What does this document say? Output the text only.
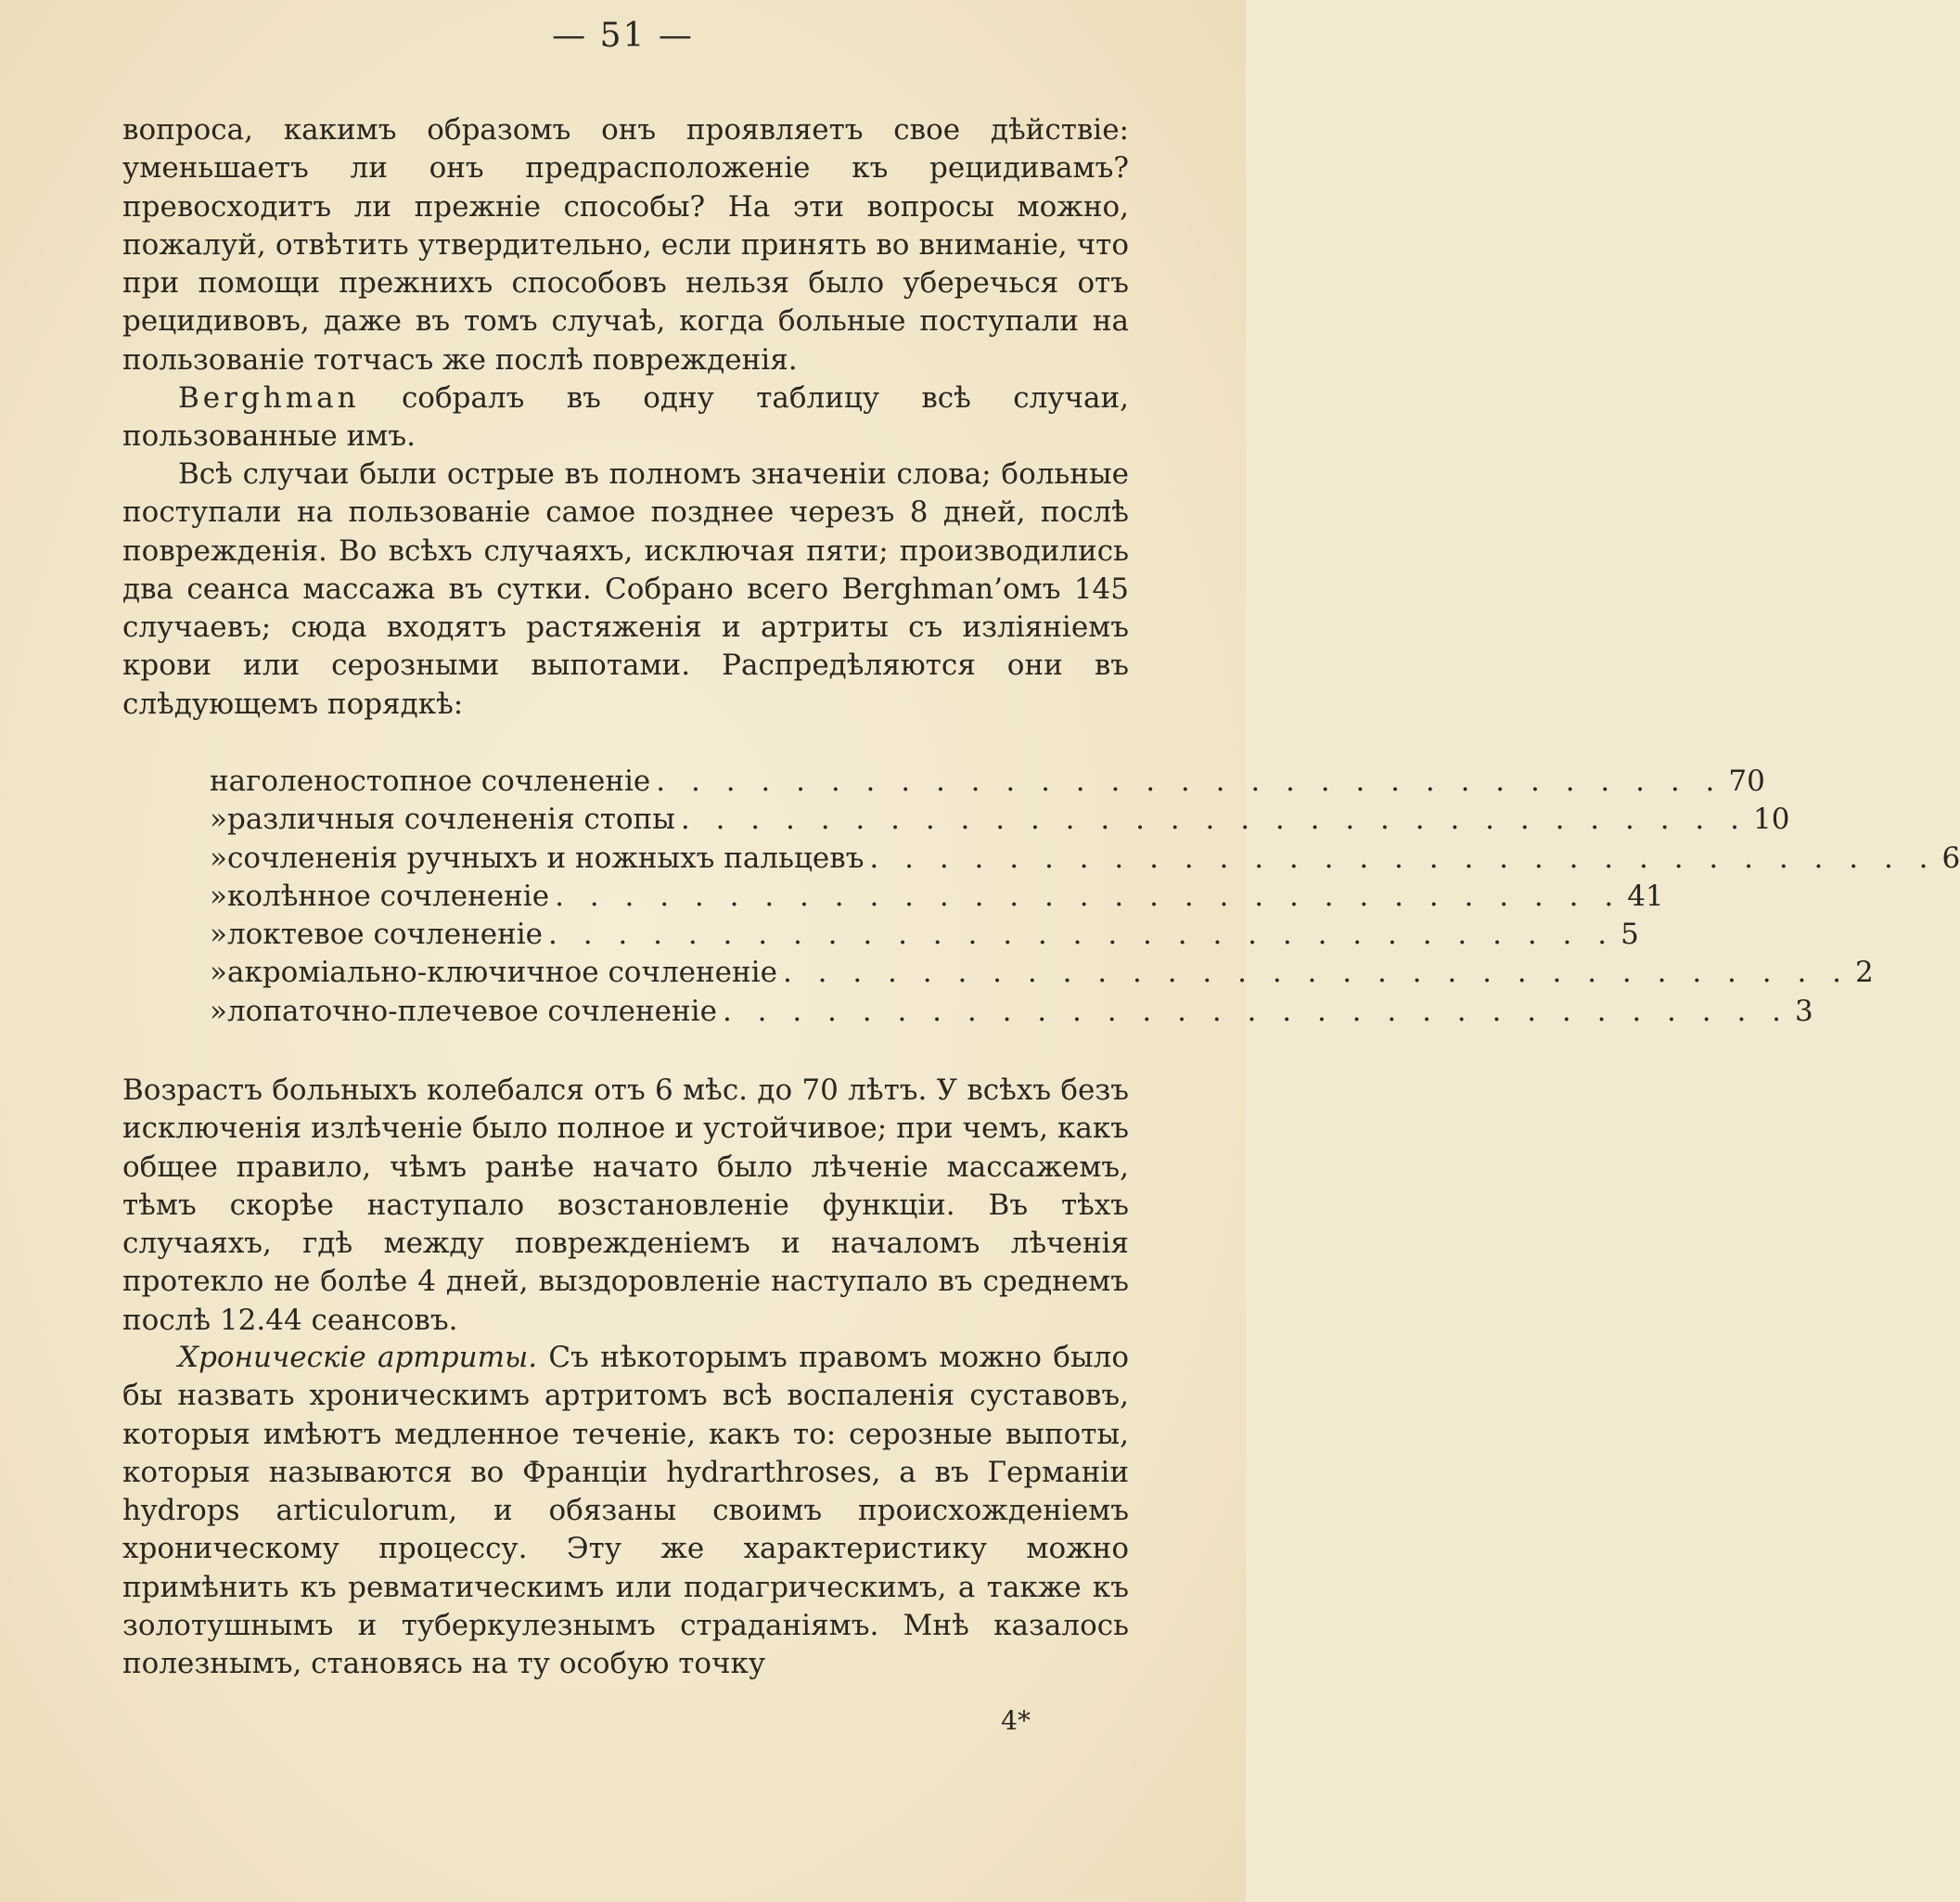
— 51 —

вопроса, какимъ образомъ онъ проявляетъ свое дѣйствіе: уменьшаетъ ли онъ предрасположеніе къ рецидивамъ? превосходитъ ли прежніе способы? На эти вопросы можно, пожалуй, отвѣтить утвердительно, если принять во вниманіе, что при помощи прежнихъ способовъ нельзя было уберечься отъ рецидивовъ, даже въ томъ случаѣ, когда больные поступали на пользованіе тотчасъ же послѣ поврежденія.

Bergһman собралъ въ одну таблицу всѣ случаи, пользованные имъ.

Всѣ случаи были острые въ полномъ значеніи слова; больные поступали на пользованіе самое позднее черезъ 8 дней, послѣ поврежденія. Во всѣхъ случаяхъ, исключая пяти; производились два сеанса массажа въ сутки. Собрано всего Bergһman’омъ 145 случаевъ; сюда входятъ растяженія и артриты съ изліяніемъ крови или серозными выпотами. Распредѣляются они въ слѣдующемъ порядкѣ:

на голеностопное сочлененіе . . . . . . . . . . . . . . . . . . . . . . . . . . . . . . . 70
» различныя сочлененія стопы . . . . . . . . . . . . . . . . . . . . . . . . . . . . . . . 10
» сочлененія ручныхъ и ножныхъ пальцевъ . . . . . . . . . . . . . . . . . . . . . . . . . . . . . . . 6
» колѣнное сочлененіе . . . . . . . . . . . . . . . . . . . . . . . . . . . . . . . 41
» локтевое сочлененіе . . . . . . . . . . . . . . . . . . . . . . . . . . . . . . . 5
» акроміально-ключичное сочлененіе . . . . . . . . . . . . . . . . . . . . . . . . . . . . . . . 2
» лопаточно-плечевое сочлененіе . . . . . . . . . . . . . . . . . . . . . . . . . . . . . . . 3

Возрастъ больныхъ колебался отъ 6 мѣс. до 70 лѣтъ. У всѣхъ безъ исключенія излѣченіе было полное и устойчивое; при чемъ, какъ общее правило, чѣмъ ранѣе начато было лѣченіе массажемъ, тѣмъ скорѣе наступало возстановленіе функціи. Въ тѣхъ случаяхъ, гдѣ между поврежденіемъ и началомъ лѣченія протекло не болѣе 4 дней, выздоровленіе наступало въ среднемъ послѣ 12.44 сеансовъ.

Хроническіе артриты. Съ нѣкоторымъ правомъ можно было бы назвать хроническимъ артритомъ всѣ воспаленія суставовъ, которыя имѣютъ медленное теченіе, какъ то: серозные выпоты, которыя называются во Франціи һydrartһroses, а въ Германіи һydrops articulorum, и обязаны своимъ происхожденіемъ хроническому процессу. Эту же характеристику можно примѣнить къ ревматическимъ или подагрическимъ, а также къ золотушнымъ и туберкулезнымъ страданіямъ. Мнѣ казалось полезнымъ, становясь на ту особую точку

4*
